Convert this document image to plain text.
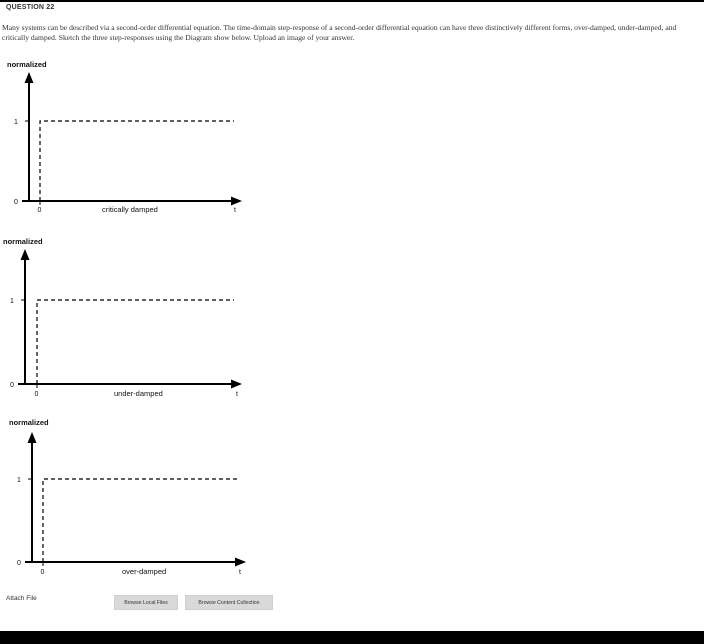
QUESTION 22
Many systems can be described via a second-order differential equation. The time-domain step-response of a second-order differential equation can have three distinctively different forms, over-damped, under-damped, and critically damped. Sketch the three step-responses using the Diagram show below. Upload an image of your answer.
normalized
1
0
0	critically damped	t
normalized
1
0
0	under-damped	t
normalized
1
0
0	over-damped	t
Attach File
Browse Local Files	Browse Content Collection
